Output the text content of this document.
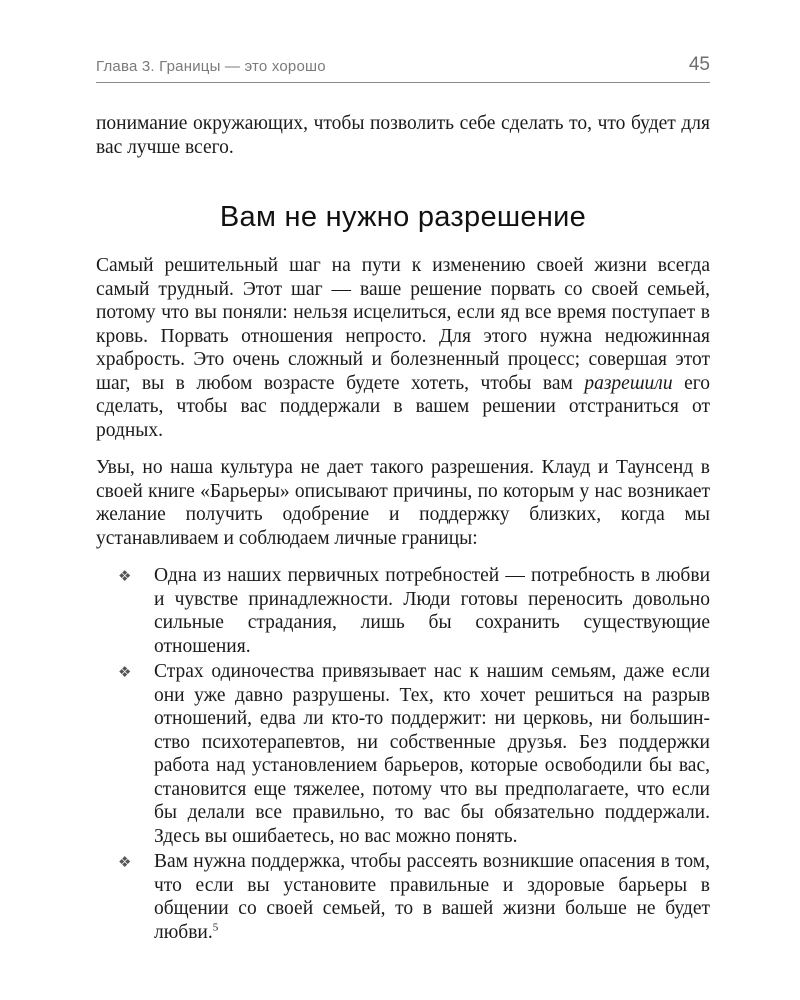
Глава 3. Границы — это хорошо	45

понимание окружающих, чтобы позволить себе сделать то, что будет для вас лучше всего.

Вам не нужно разрешение

Самый решительный шаг на пути к изменению своей жизни всегда самый трудный. Этот шаг — ваше решение порвать со своей семьей, потому что вы поняли: нельзя исцелиться, если яд все время поступает в кровь. Порвать отношения непросто. Для этого нужна недюжинная храбрость. Это очень сложный и болезненный процесс; совершая этот шаг, вы в любом возрасте будете хотеть, чтобы вам разрешили его сделать, чтобы вас поддержали в вашем решении отстраниться от родных.

Увы, но наша культура не дает такого разрешения. Клауд и Таунсенд в своей книге «Барьеры» описывают причины, по которым у нас возникает желание получить одобрение и поддержку близких, когда мы устанавливаем и соблюдаем личные границы:

❖ Одна из наших первичных потребностей — потребность в любви и чувстве принадлежности. Люди готовы переносить довольно сильные страдания, лишь бы сохранить существующие отношения.
❖ Страх одиночества привязывает нас к нашим семьям, даже если они уже давно разрушены. Тех, кто хочет решиться на разрыв отношений, едва ли кто-то поддержит: ни церковь, ни большинство психотерапевтов, ни собственные друзья. Без поддержки работа над установлением барьеров, которые освободили бы вас, становится еще тяжелее, потому что вы предполагаете, что если бы делали все правильно, то вас бы обязательно поддержали. Здесь вы ошибаетесь, но вас можно понять.
❖ Вам нужна поддержка, чтобы рассеять возникшие опасения в том, что если вы установите правильные и здоровые барьеры в общении со своей семьей, то в вашей жизни больше не будет любви.$^5$
